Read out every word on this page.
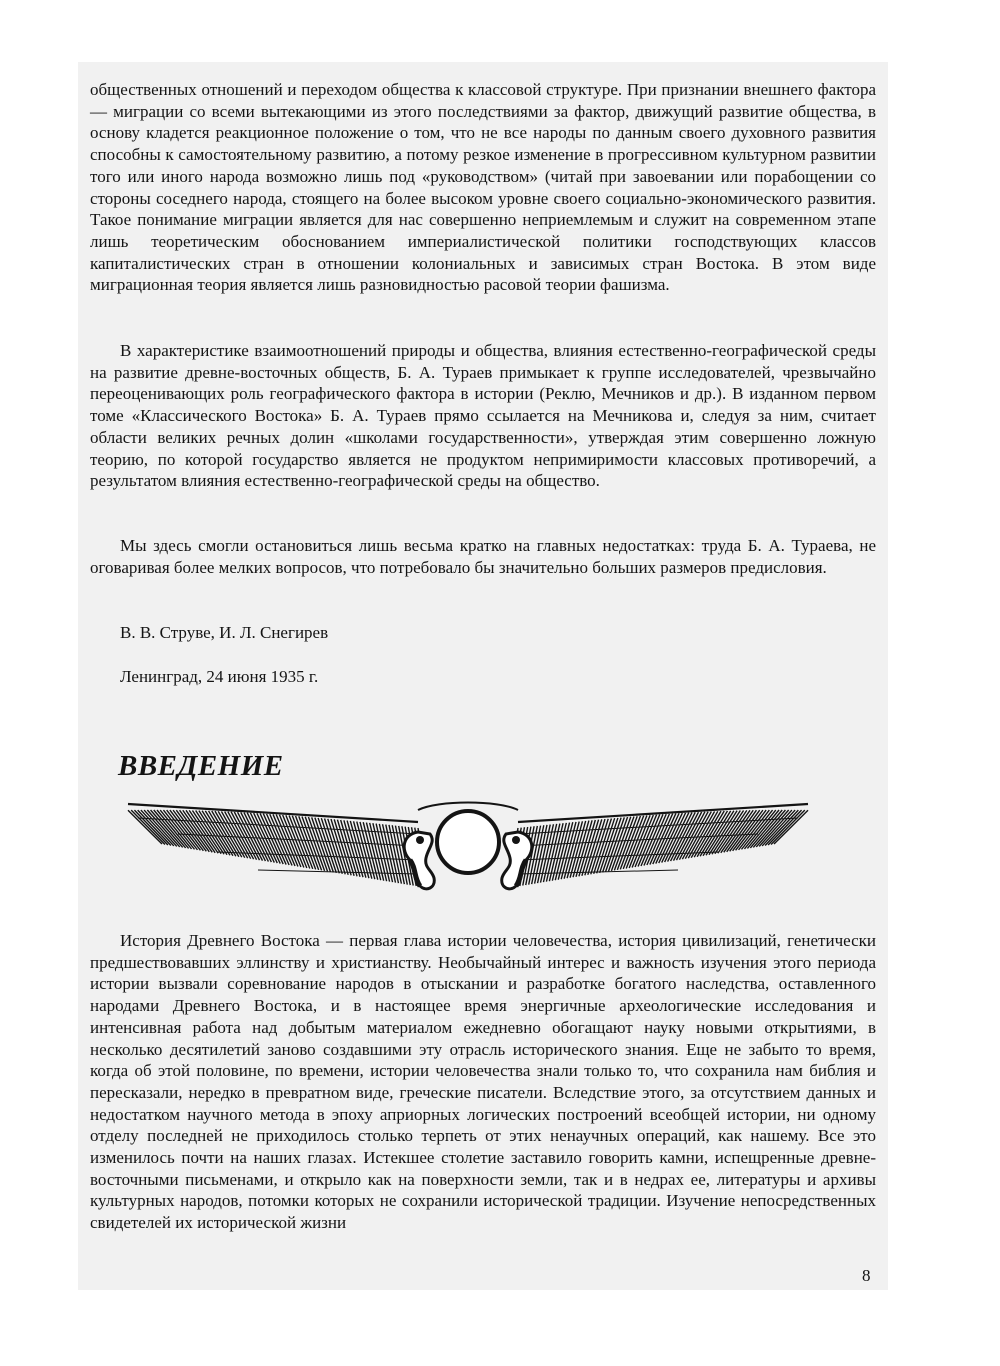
общественных отношений и переходом общества к классовой структуре. При признании внешнего фактора — миграции со всеми вытекающими из этого последствиями за фактор, движущий развитие общества, в основу кладется реакционное положение о том, что не все народы по данным своего духовного развития способны к самостоятельному развитию, а потому резкое изменение в прогрессивном культурном развитии того или иного народа возможно лишь под «руководством» (читай при завоевании или порабощении со стороны соседнего народа, стоящего на более высоком уровне своего социально-экономического развития. Такое понимание миграции является для нас совершенно неприемлемым и служит на современном этапе лишь теоретическим обоснованием империалистической политики господствующих классов капиталистических стран в отношении колониальных и зависимых стран Востока. В этом виде миграционная теория является лишь разновидностью расовой теории фашизма.

В характеристике взаимоотношений природы и общества, влияния естественно-географической среды на развитие древне-восточных обществ, Б. А. Тураев примыкает к группе исследователей, чрезвычайно переоценивающих роль географического фактора в истории (Реклю, Мечников и др.). В изданном первом томе «Классического Востока» Б. А. Тураев прямо ссылается на Мечникова и, следуя за ним, считает области великих речных долин «школами государственности», утверждая этим совершенно ложную теорию, по которой государство является не продуктом непримиримости классовых противоречий, а результатом влияния естественно-географической среды на общество.

Мы здесь смогли остановиться лишь весьма кратко на главных недостатках: труда Б. А. Тураева, не оговаривая более мелких вопросов, что потребовало бы значительно больших размеров предисловия.

В. В. Струве, И. Л. Снегирев

Ленинград, 24 июня 1935 г.

ВВЕДЕНИЕ

История Древнего Востока — первая глава истории человечества, история цивилизаций, генетически предшествовавших эллинству и христианству. Необычайный интерес и важность изучения этого периода истории вызвали соревнование народов в отыскании и разработке богатого наследства, оставленного народами Древнего Востока, и в настоящее время энергичные археологические исследования и интенсивная работа над добытым материалом ежедневно обогащают науку новыми открытиями, в несколько десятилетий заново создавшими эту отрасль исторического знания. Еще не забыто то время, когда об этой половине, по времени, истории человечества знали только то, что сохранила нам библия и пересказали, нередко в превратном виде, греческие писатели. Вследствие этого, за отсутствием данных и недостатком научного метода в эпоху априорных логических построений всеобщей истории, ни одному отделу последней не приходилось столько терпеть от этих ненаучных операций, как нашему. Все это изменилось почти на наших глазах. Истекшее столетие заставило говорить камни, испещренные древне-восточными письменами, и открыло как на поверхности земли, так и в недрах ее, литературы и архивы культурных народов, потомки которых не сохранили исторической традиции. Изучение непосредственных свидетелей их исторической жизни

8
